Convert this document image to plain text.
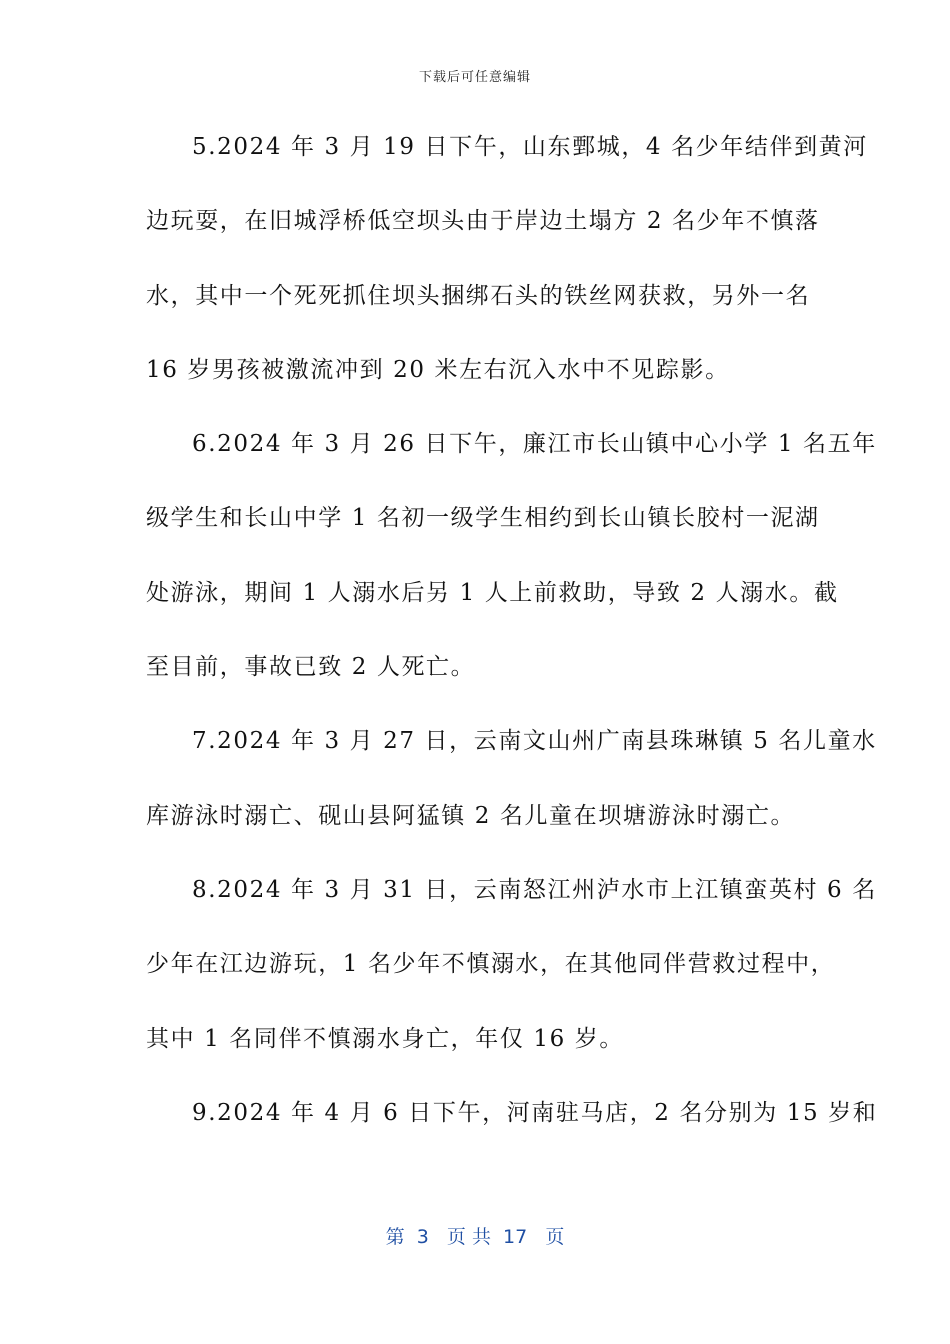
下载后可任意编辑
5.2024 年 3 月 19 日下午，山东鄄城，4 名少年结伴到黄河
边玩耍，在旧城浮桥低空坝头由于岸边土塌方 2 名少年不慎落
水，其中一个死死抓住坝头捆绑石头的铁丝网获救，另外一名
16 岁男孩被激流冲到 20 米左右沉入水中不见踪影。
6.2024 年 3 月 26 日下午，廉江市长山镇中心小学 1 名五年
级学生和长山中学 1 名初一级学生相约到长山镇长胶村一泥湖
处游泳，期间 1 人溺水后另 1 人上前救助，导致 2 人溺水。截
至目前，事故已致 2 人死亡。
7.2024 年 3 月 27 日，云南文山州广南县珠琳镇 5 名儿童水
库游泳时溺亡、砚山县阿猛镇 2 名儿童在坝塘游泳时溺亡。
8.2024 年 3 月 31 日，云南怒江州泸水市上江镇蛮英村 6 名
少年在江边游玩，1 名少年不慎溺水，在其他同伴营救过程中，
其中 1 名同伴不慎溺水身亡，年仅 16 岁。
9.2024 年 4 月 6 日下午，河南驻马店，2 名分别为 15 岁和
第  3   页 共  17   页
